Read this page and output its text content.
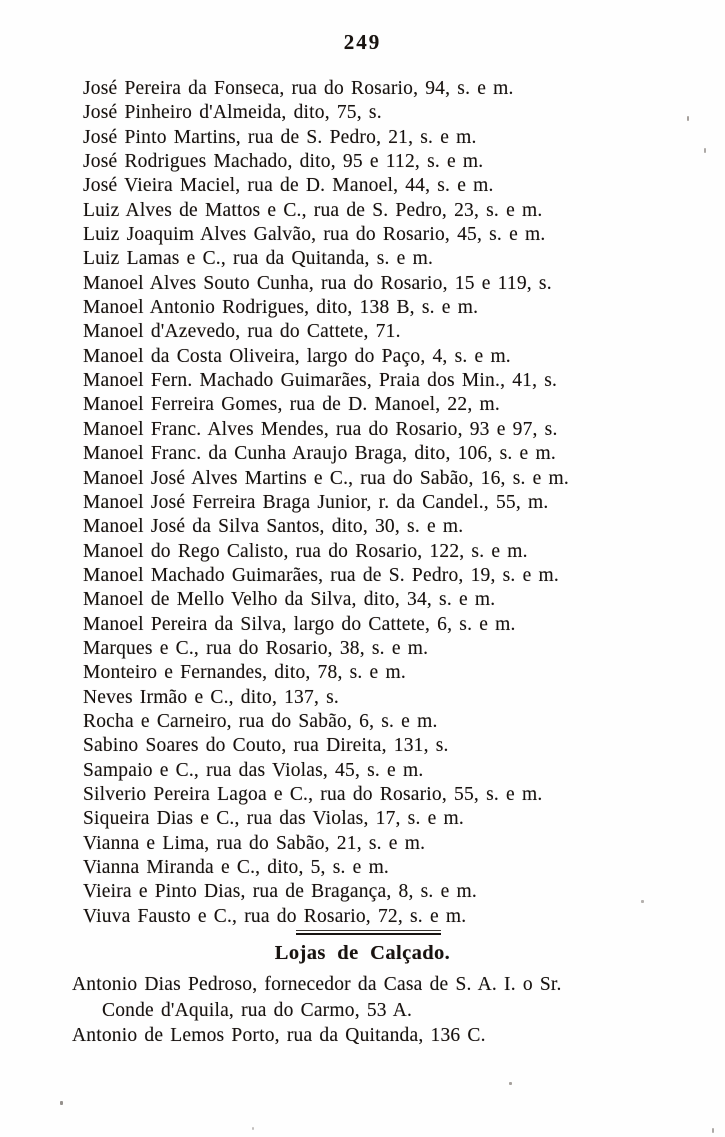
249
José Pereira da Fonseca, rua do Rosario, 94, s. e m.
José Pinheiro d'Almeida, dito, 75, s.
José Pinto Martins, rua de S. Pedro, 21, s. e m.
José Rodrigues Machado, dito, 95 e 112, s. e m.
José Vieira Maciel, rua de D. Manoel, 44, s. e m.
Luiz Alves de Mattos e C., rua de S. Pedro, 23, s. e m.
Luiz Joaquim Alves Galvão, rua do Rosario, 45, s. e m.
Luiz Lamas e C., rua da Quitanda, s. e m.
Manoel Alves Souto Cunha, rua do Rosario, 15 e 119, s.
Manoel Antonio Rodrigues, dito, 138 B, s. e m.
Manoel d'Azevedo, rua do Cattete, 71.
Manoel da Costa Oliveira, largo do Paço, 4, s. e m.
Manoel Fern. Machado Guimarães, Praia dos Min., 41, s.
Manoel Ferreira Gomes, rua de D. Manoel, 22, m.
Manoel Franc. Alves Mendes, rua do Rosario, 93 e 97, s.
Manoel Franc. da Cunha Araujo Braga, dito, 106, s. e m.
Manoel José Alves Martins e C., rua do Sabão, 16, s. e m.
Manoel José Ferreira Braga Junior, r. da Candel., 55, m.
Manoel José da Silva Santos, dito, 30, s. e m.
Manoel do Rego Calisto, rua do Rosario, 122, s. e m.
Manoel Machado Guimarães, rua de S. Pedro, 19, s. e m.
Manoel de Mello Velho da Silva, dito, 34, s. e m.
Manoel Pereira da Silva, largo do Cattete, 6, s. e m.
Marques e C., rua do Rosario, 38, s. e m.
Monteiro e Fernandes, dito, 78, s. e m.
Neves Irmão e C., dito, 137, s.
Rocha e Carneiro, rua do Sabão, 6, s. e m.
Sabino Soares do Couto, rua Direita, 131, s.
Sampaio e C., rua das Violas, 45, s. e m.
Silverio Pereira Lagoa e C., rua do Rosario, 55, s. e m.
Siqueira Dias e C., rua das Violas, 17, s. e m.
Vianna e Lima, rua do Sabão, 21, s. e m.
Vianna Miranda e C., dito, 5, s. e m.
Vieira e Pinto Dias, rua de Bragança, 8, s. e m.
Viuva Fausto e C., rua do Rosario, 72, s. e m.
Lojas de Calçado.
Antonio Dias Pedroso, fornecedor da Casa de S. A. I. o Sr.
Conde d'Aquila, rua do Carmo, 53 A.
Antonio de Lemos Porto, rua da Quitanda, 136 C.
